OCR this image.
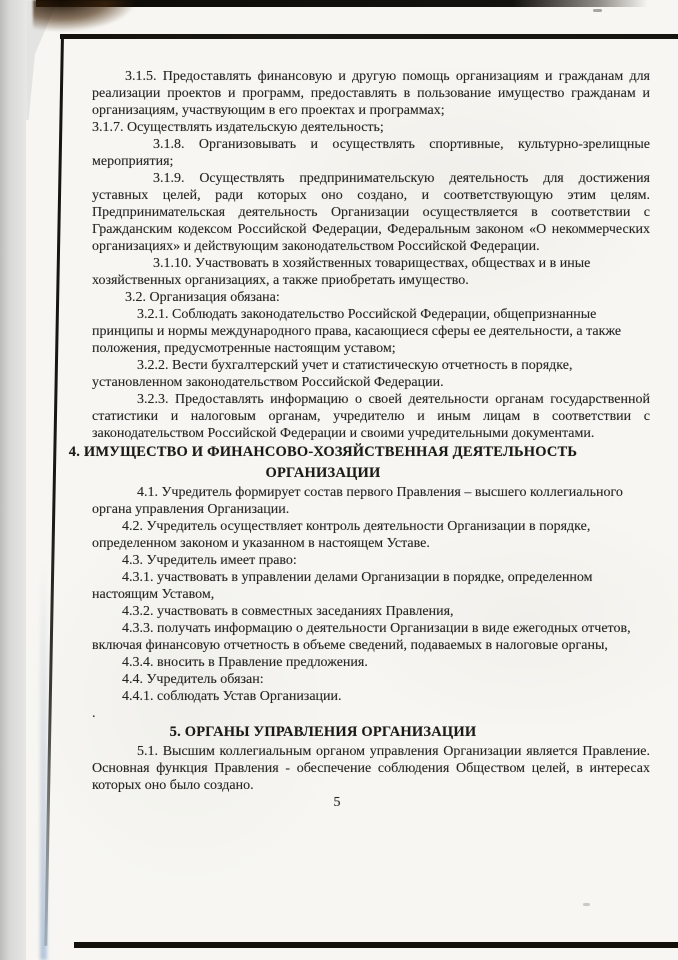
3.1.5. Предоставлять финансовую и другую помощь организациям и гражданам для реализации проектов и программ, предоставлять в пользование имущество гражданам и организациям, участвующим в его проектах и программах;

3.1.7. Осуществлять издательскую деятельность;

3.1.8. Организовывать и осуществлять спортивные, культурно-зрелищные мероприятия;

3.1.9. Осуществлять предпринимательскую деятельность для достижения уставных целей, ради которых оно создано, и соответствующую этим целям. Предпринимательская деятельность Организации осуществляется в соответствии с Гражданским кодексом Российской Федерации, Федеральным законом «О некоммерческих организациях» и действующим законодательством Российской Федерации.

3.1.10. Участвовать в хозяйственных товариществах, обществах и в иные хозяйственных организациях, а также приобретать имущество.

3.2. Организация обязана:

3.2.1. Соблюдать законодательство Российской Федерации, общепризнанные принципы и нормы международного права, касающиеся сферы ее деятельности, а также положения, предусмотренные настоящим уставом;

3.2.2. Вести бухгалтерский учет и статистическую отчетность в порядке, установленном законодательством Российской Федерации.

3.2.3. Предоставлять информацию о своей деятельности органам государственной статистики и налоговым органам, учредителю и иным лицам в соответствии с законодательством Российской Федерации и своими учредительными документами.

4. ИМУЩЕСТВО И ФИНАНСОВО-ХОЗЯЙСТВЕННАЯ ДЕЯТЕЛЬНОСТЬ ОРГАНИЗАЦИИ

4.1. Учредитель формирует состав первого Правления – высшего коллегиального органа управления Организации.

4.2. Учредитель осуществляет контроль деятельности Организации в порядке, определенном законом и указанном в настоящем Уставе.

4.3. Учредитель имеет право:

4.3.1. участвовать в управлении делами Организации в порядке, определенном настоящим Уставом,

4.3.2. участвовать в совместных заседаниях Правления,

4.3.3. получать информацию о деятельности Организации в виде ежегодных отчетов, включая финансовую отчетность в объеме сведений, подаваемых в налоговые органы,

4.3.4. вносить в Правление предложения.

4.4. Учредитель обязан:

4.4.1. соблюдать Устав Организации.

.

5. ОРГАНЫ УПРАВЛЕНИЯ ОРГАНИЗАЦИИ

5.1. Высшим коллегиальным органом управления Организации является Правление. Основная функция Правления - обеспечение соблюдения Обществом целей, в интересах которых оно было создано.

5
